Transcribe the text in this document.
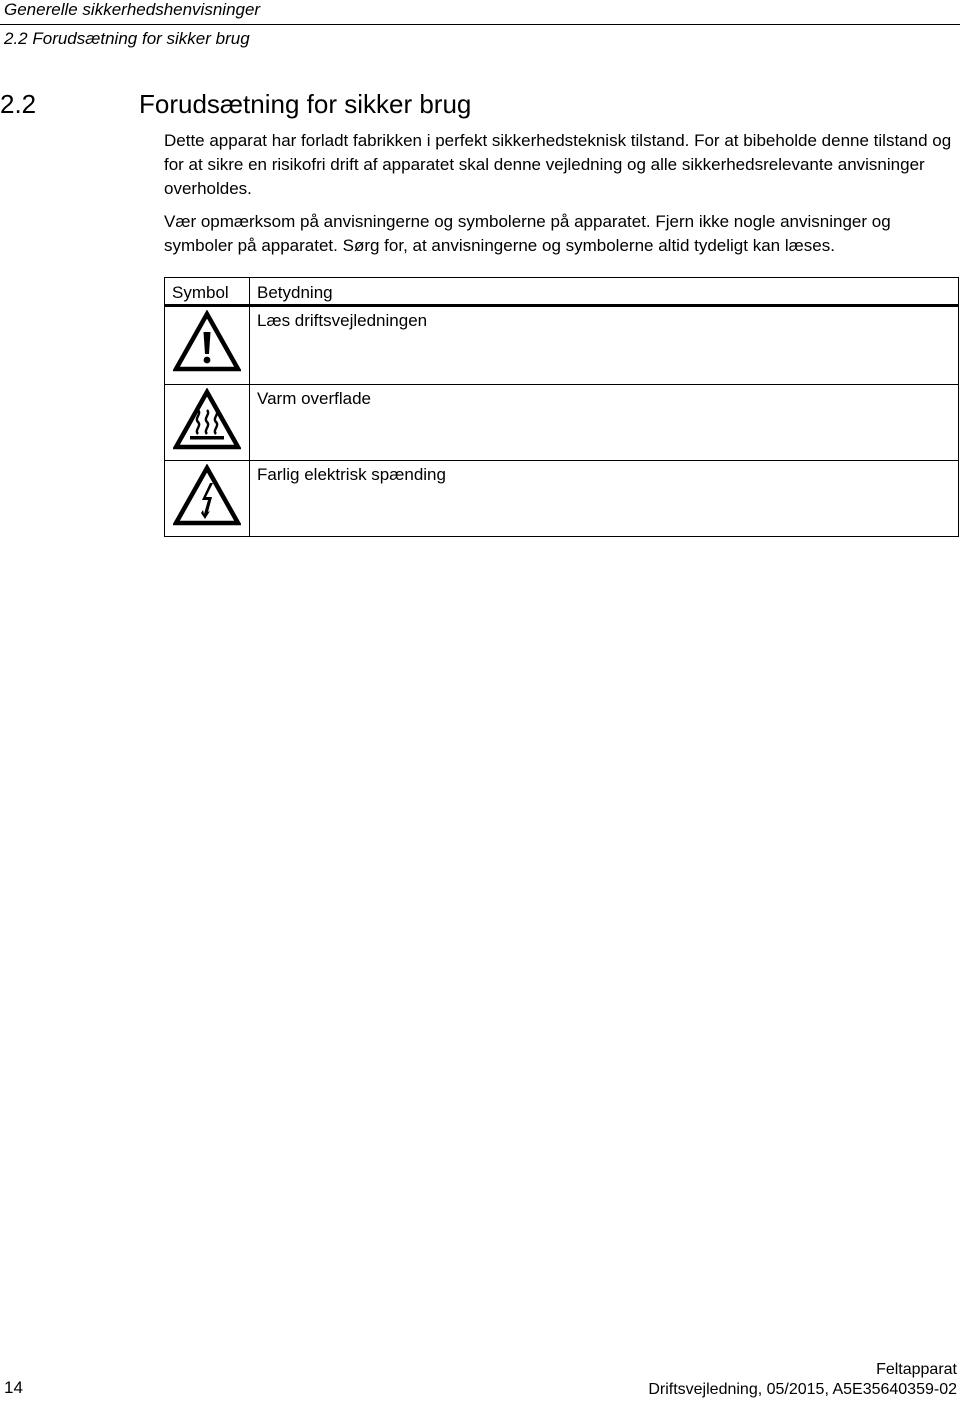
Generelle sikkerhedshenvisninger
2.2 Forudsætning for sikker brug
2.2	Forudsætning for sikker brug
Dette apparat har forladt fabrikken i perfekt sikkerhedsteknisk tilstand. For at bibeholde denne tilstand og for at sikre en risikofri drift af apparatet skal denne vejledning og alle sikkerhedsrelevante anvisninger overholdes.
Vær opmærksom på anvisningerne og symbolerne på apparatet. Fjern ikke nogle anvisninger og symboler på apparatet. Sørg for, at anvisningerne og symbolerne altid tydeligt kan læses.
Symbol	Betydning

	Læs driftsvejledningen

	Varm overflade

	Farlig elektrisk spænding
14
Feltapparat
Driftsvejledning, 05/2015, A5E35640359-02
